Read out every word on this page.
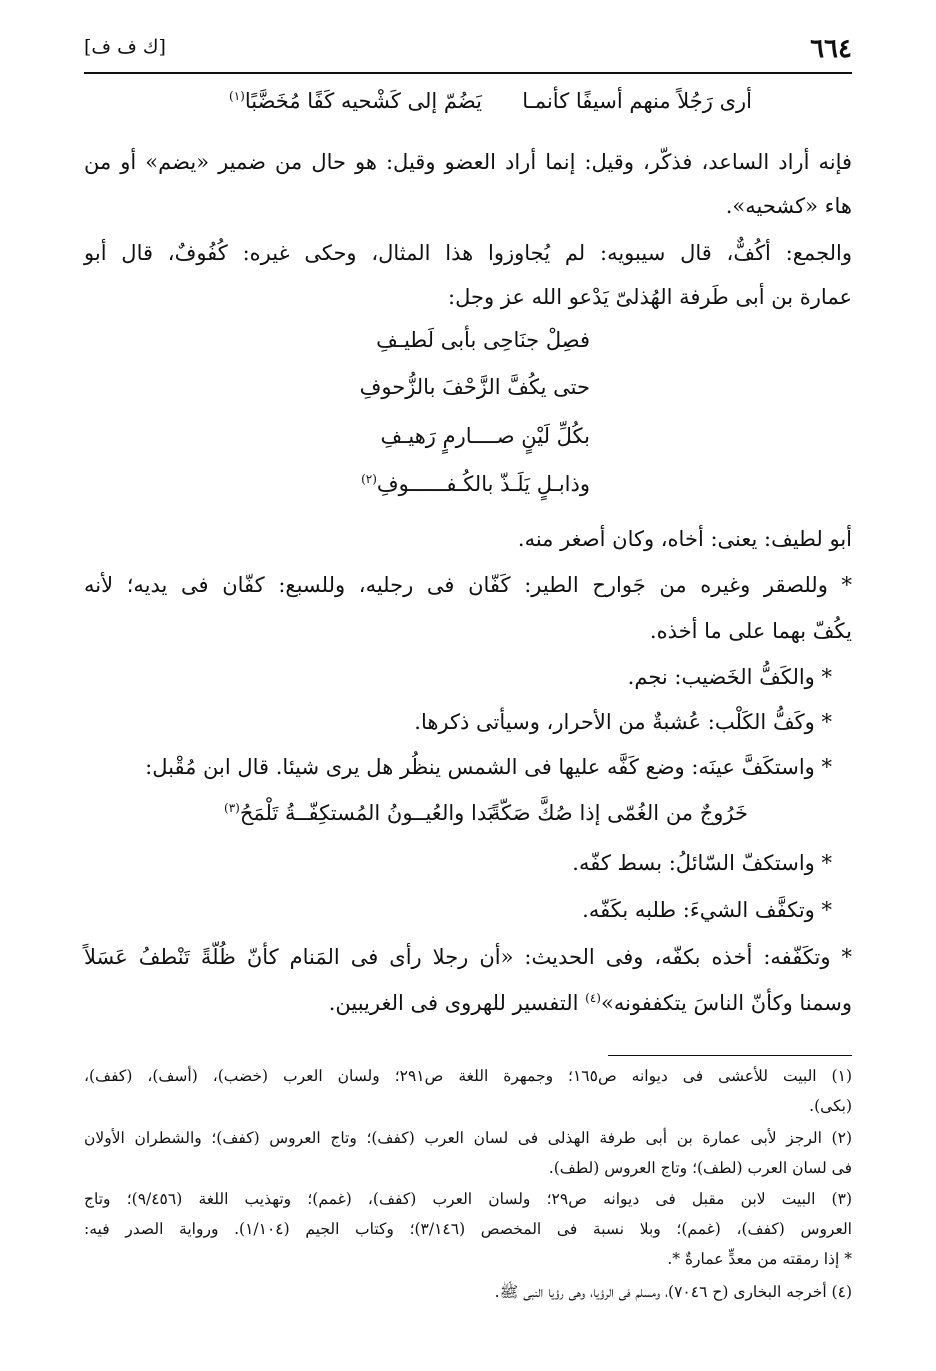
٦٦٤
[ك ف ف]
أرى رَجُلاً منهم أسيفًا كأنمـا
يَضُمّ إلى كَشْحيه كَفًا مُخَضَّبًا$^{(١)}$
فإنه أراد الساعد، فذكّر، وقيل: إنما أراد العضو وقيل: هو حال من ضمير «يضم» أو من
هاء «كشحيه».
والجمع: أكُفٌّ، قال سيبويه: لم يُجاوزوا هذا المثال، وحكى غيره: كُفُوفٌ، قال أبو
عمارة بن أبى طَرفة الهُذلىّ يَدْعو الله عز وجل:
فصِلْ جنَاحِى بأبى لَطيـفِ
حتى يكُفَّ الزَّحْفَ بالزُّحوفِ
بكُلِّ لَيْنٍ صــــارمٍ رَهيـفِ
وذابـلٍ يَلَـذّ بالكُـفــــــوفِ$^{(٢)}$
أبو لطيف: يعنى: أخاه، وكان أصغر منه.
* وللصقر وغيره من جَوارح الطير: كَفّان فى رجليه، وللسبع: كفّان فى يديه؛ لأنه
يكُفّ بهما على ما أخذه.
* والكَفُّ الخَضيب: نجم.
* وكَفُّ الكَلْب: عُشبةٌ من الأحرار، وسيأتى ذكرها.
* واستكَفَّ عينَه: وضع كَفَّه عليها فى الشمس ينظُر هل يرى شيئا. قال ابن مُقْبل:
خَرُوجٌ من الغُمّى إذا صُكَّ صَكّةً
بَدا والعُيــونُ المُستكِفّــةُ تَلْمَحُ$^{(٣)}$
* واستكفّ السّائلُ: بسط كفّه.
* وتكفَّف الشيءَ: طلبه بكَفّه.
* وتكَفّفه: أخذه بكفّه، وفى الحديث: «أن رجلا رأى فى المَنام كأنّ ظُلّةً تَنْطفُ عَسَلاً
وسمنا وكأنّ الناسَ يتكففونه»$^{(٤)}$ التفسير للهروى فى الغريبين.
(١) البيت للأعشى فى ديوانه ص١٦٥؛ وجمهرة اللغة ص٢٩١؛ ولسان العرب (خضب)، (أسف)، (كفف)،
(بكى).
(٢) الرجز لأبى عمارة بن أبى طرفة الهذلى فى لسان العرب (كفف)؛ وتاج العروس (كفف)؛ والشطران الأولان
فى لسان العرب (لطف)؛ وتاج العروس (لطف).
(٣) البيت لابن مقبل فى ديوانه ص٢٩؛ ولسان العرب (كفف)، (غمم)؛ وتهذيب اللغة (٩/٤٥٦)؛ وتاج
العروس (كفف)، (غمم)؛ وبلا نسبة فى المخصص (٣/١٤٦)؛ وكتاب الجيم (١/١٠٤). ورواية الصدر فيه:
* إذا رمقته من معدٍّ عمارةٌ *.
(٤) أخرجه البخارى (ح ٧٠٤٦)، ومسلم فى الرؤيا، وهى رؤيا النبى ﷺ.
